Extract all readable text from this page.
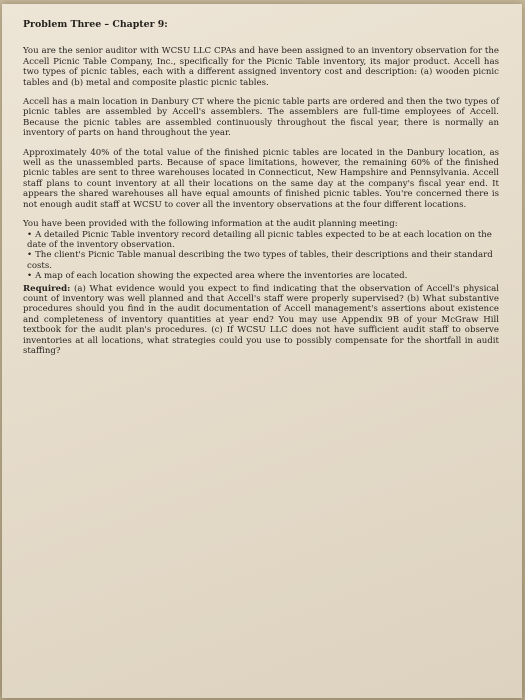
Problem Three – Chapter 9:

You are the senior auditor with WCSU LLC CPAs and have been assigned to an inventory observation for the Accell Picnic Table Company, Inc., specifically for the Picnic Table inventory, its major product. Accell has two types of picnic tables, each with a different assigned inventory cost and description: (a) wooden picnic tables and (b) metal and composite plastic picnic tables.

Accell has a main location in Danbury CT where the picnic table parts are ordered and then the two types of picnic tables are assembled by Accell's assemblers. The assemblers are full-time employees of Accell. Because the picnic tables are assembled continuously throughout the fiscal year, there is normally an inventory of parts on hand throughout the year.

Approximately 40% of the total value of the finished picnic tables are located in the Danbury location, as well as the unassembled parts. Because of space limitations, however, the remaining 60% of the finished picnic tables are sent to three warehouses located in Connecticut, New Hampshire and Pennsylvania. Accell staff plans to count inventory at all their locations on the same day at the company's fiscal year end. It appears the shared warehouses all have equal amounts of finished picnic tables. You're concerned there is not enough audit staff at WCSU to cover all the inventory observations at the four different locations.

You have been provided with the following information at the audit planning meeting:
• A detailed Picnic Table inventory record detailing all picnic tables expected to be at each location on the date of the inventory observation.
• The client's Picnic Table manual describing the two types of tables, their descriptions and their standard costs.
• A map of each location showing the expected area where the inventories are located.

Required: (a) What evidence would you expect to find indicating that the observation of Accell's physical count of inventory was well planned and that Accell's staff were properly supervised? (b) What substantive procedures should you find in the audit documentation of Accell management's assertions about existence and completeness of inventory quantities at year end? You may use Appendix 9B of your McGraw Hill textbook for the audit plan's procedures. (c) If WCSU LLC does not have sufficient audit staff to observe inventories at all locations, what strategies could you use to possibly compensate for the shortfall in audit staffing?
